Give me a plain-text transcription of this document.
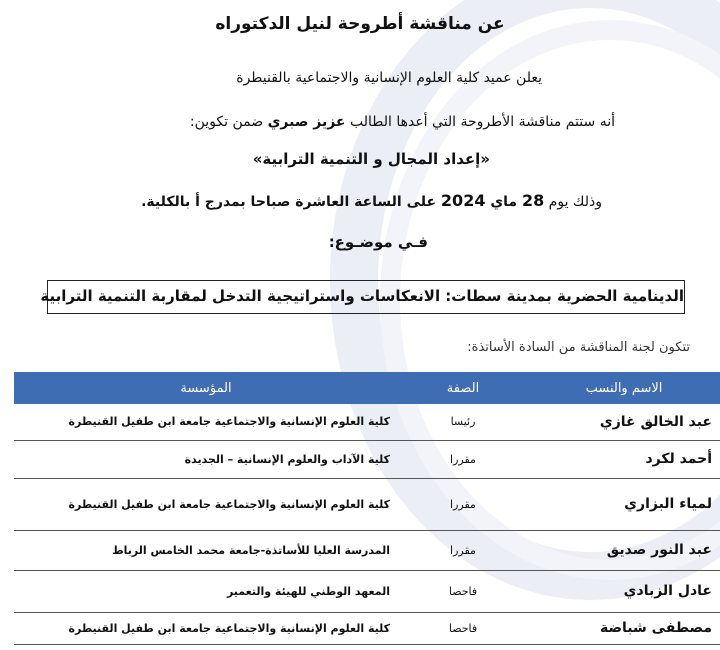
عن مناقشة أطروحة لنيل الدكتوراه
يعلن عميد كلية العلوم الإنسانية والاجتماعية بالقنيطرة
أنه ستتم مناقشة الأطروحة التي أعدها الطالب عزيز صبري ضمن تكوين:
«إعداد المجال و التنمية الترابية»
وذلك يوم 28 ماي 2024 على الساعة العاشرة صباحا بمدرج أ بالكلية.
فـي موضـوع:
الدينامية الحضرية بمدينة سطات: الانعكاسات واستراتيجية التدخل لمقاربة التنمية الترابية
تتكون لجنة المناقشة من السادة الأساتذة:
الاسم والنسب	الصفة	المؤسسة
عبد الخالق غازي	رئيسا	كلية العلوم الإنسانية والاجتماعية جامعة ابن طفيل القنيطرة
أحمد لكرد	مقررا	كلية الآداب والعلوم الإنسانية – الجديدة
لمياء البزاري	مقررا	كلية العلوم الإنسانية والاجتماعية جامعة ابن طفيل القنيطرة
عبد النور صديق	مقررا	المدرسة العليا للأساتذة-جامعة محمد الخامس الرباط
عادل الزبادي	فاحصا	المعهد الوطني للهيئة والتعمير
مصطفى شباضة	فاحصا	كلية العلوم الإنسانية والاجتماعية جامعة ابن طفيل القنيطرة
